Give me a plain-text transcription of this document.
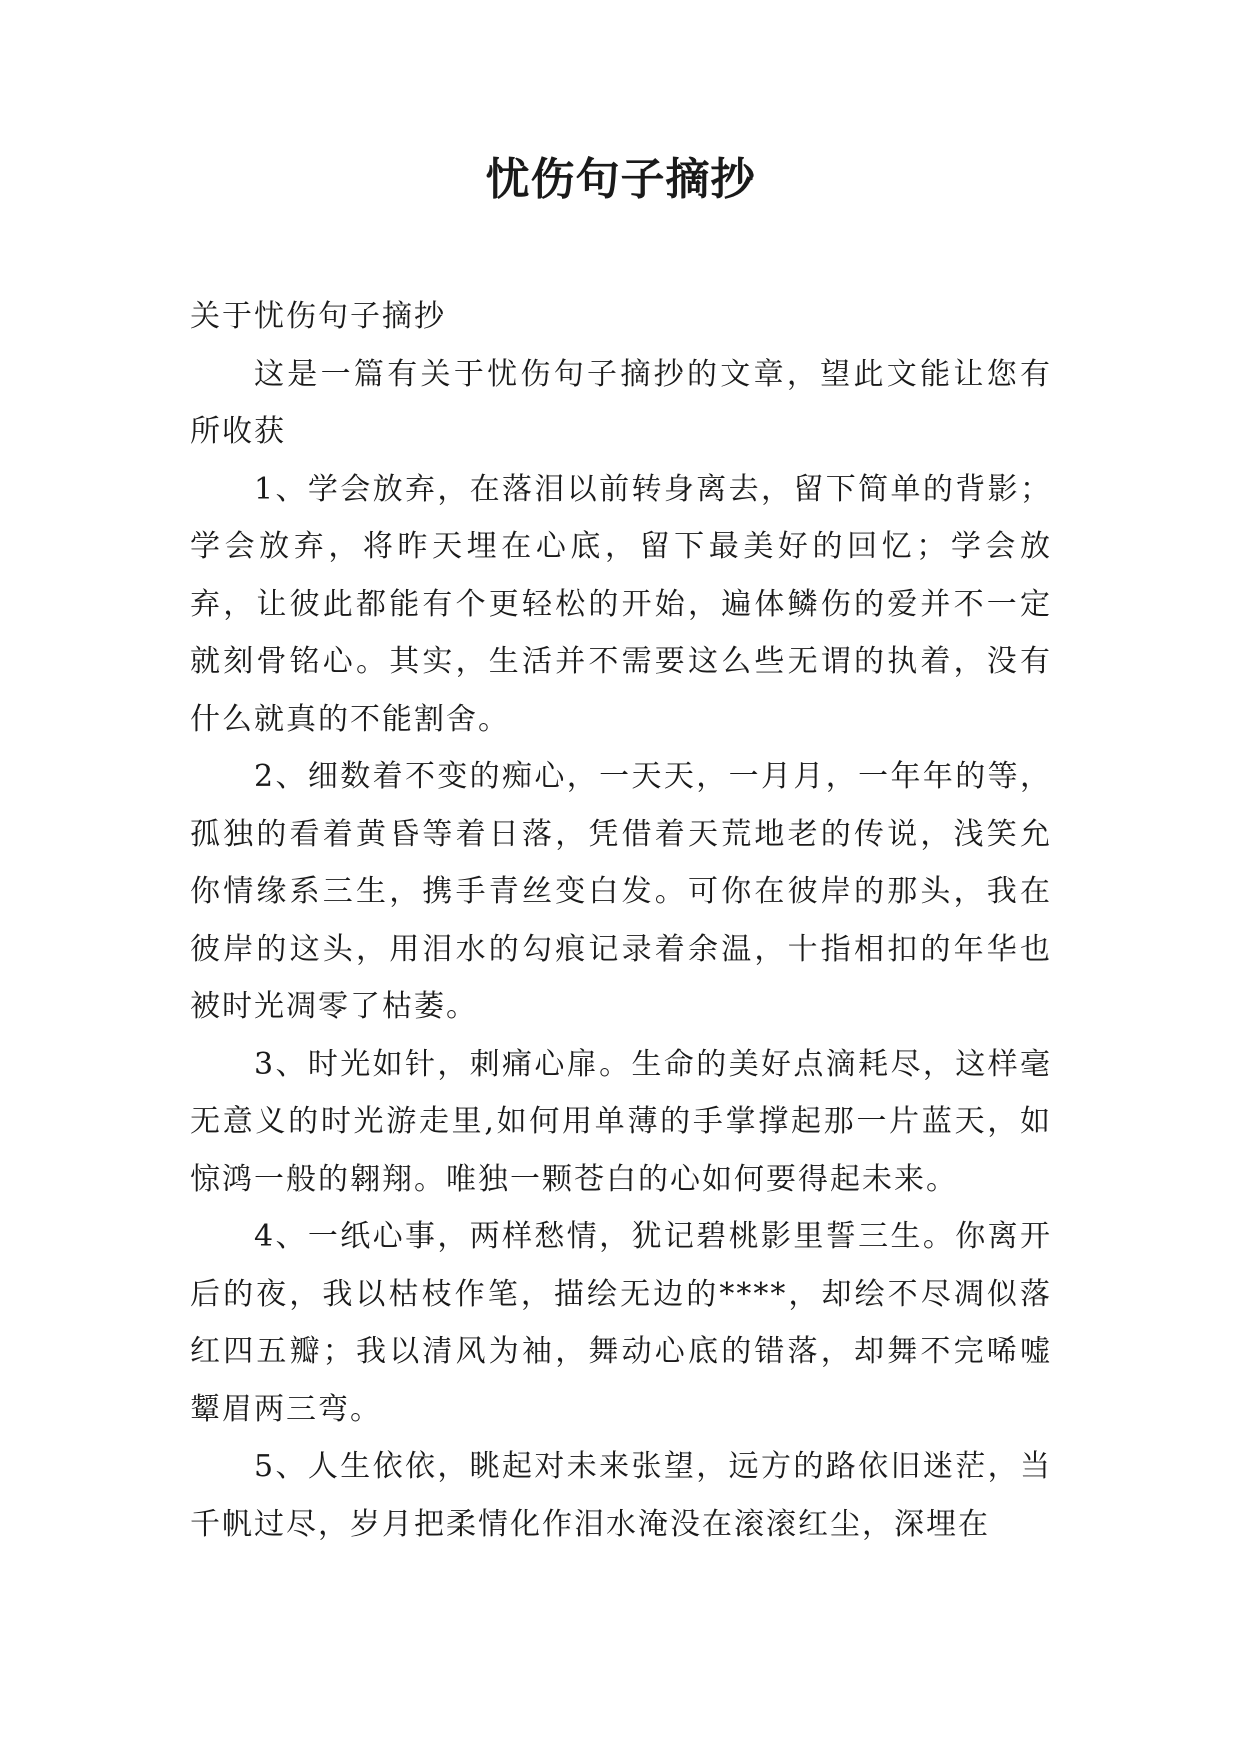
忧伤句子摘抄

关于忧伤句子摘抄

这是一篇有关于忧伤句子摘抄的文章，望此文能让您有所收获

1、学会放弃，在落泪以前转身离去，留下简单的背影；学会放弃，将昨天埋在心底，留下最美好的回忆；学会放弃，让彼此都能有个更轻松的开始，遍体鳞伤的爱并不一定就刻骨铭心。其实，生活并不需要这么些无谓的执着，没有什么就真的不能割舍。

2、细数着不变的痴心，一天天，一月月，一年年的等，孤独的看着黄昏等着日落，凭借着天荒地老的传说，浅笑允你情缘系三生，携手青丝变白发。可你在彼岸的那头，我在彼岸的这头，用泪水的勾痕记录着余温，十指相扣的年华也被时光凋零了枯萎。

3、时光如针，刺痛心扉。生命的美好点滴耗尽，这样毫无意义的时光游走里,如何用单薄的手掌撑起那一片蓝天，如惊鸿一般的翱翔。唯独一颗苍白的心如何要得起未来。

4、一纸心事，两样愁情，犹记碧桃影里誓三生。你离开后的夜，我以枯枝作笔，描绘无边的****，却绘不尽凋似落红四五瓣；我以清风为袖，舞动心底的错落，却舞不完唏嘘颦眉两三弯。

5、人生依依，眺起对未来张望，远方的路依旧迷茫，当千帆过尽，岁月把柔情化作泪水淹没在滚滚红尘，深埋在
